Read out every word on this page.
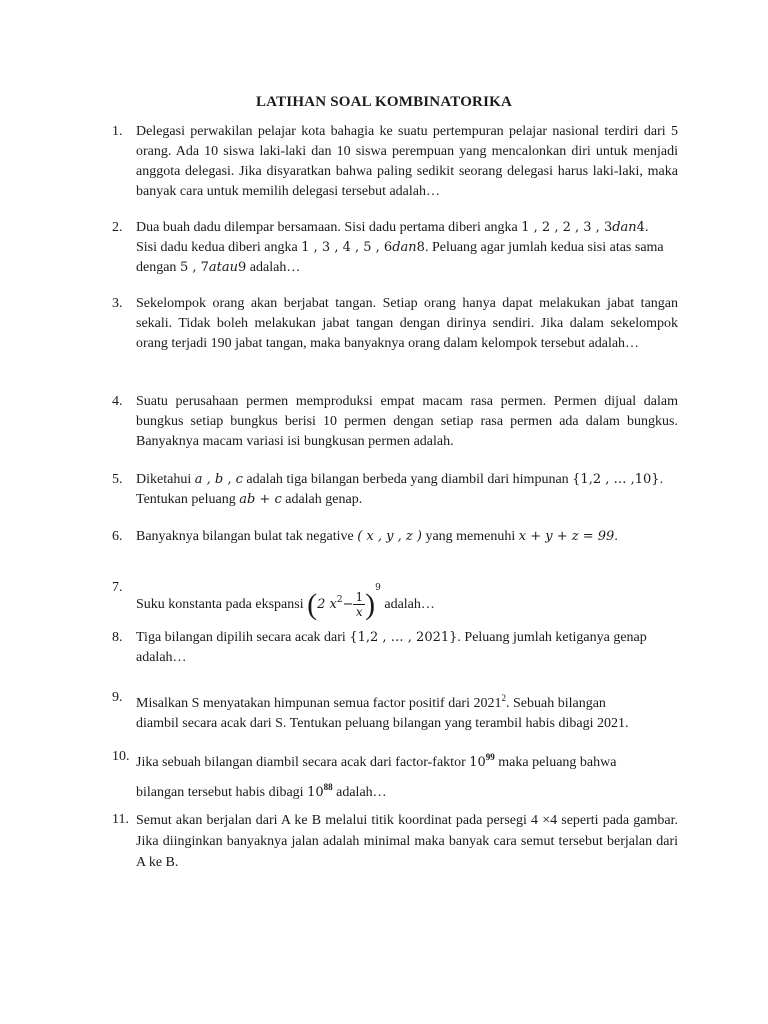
LATIHAN SOAL KOMBINATORIKA
1. Delegasi perwakilan pelajar kota bahagia ke suatu pertempuran pelajar nasional terdiri dari 5 orang. Ada 10 siswa laki-laki dan 10 siswa perempuan yang mencalonkan diri untuk menjadi anggota delegasi. Jika disyaratkan bahwa paling sedikit seorang delegasi harus laki-laki, maka banyak cara untuk memilih delegasi tersebut adalah…
2. Dua buah dadu dilempar bersamaan. Sisi dadu pertama diberi angka 1 , 2 , 2 , 3 , 3dan4.
Sisi dadu kedua diberi angka 1 , 3 , 4 , 5 , 6dan8. Peluang agar jumlah kedua sisi atas sama
dengan 5 , 7atau9 adalah…
3. Sekelompok orang akan berjabat tangan. Setiap orang hanya dapat melakukan jabat tangan sekali. Tidak boleh melakukan jabat tangan dengan dirinya sendiri. Jika dalam sekelompok orang terjadi 190 jabat tangan, maka banyaknya orang dalam kelompok tersebut adalah…
4. Suatu perusahaan permen memproduksi empat macam rasa permen. Permen dijual dalam bungkus setiap bungkus berisi 10 permen dengan setiap rasa permen ada dalam bungkus. Banyaknya macam variasi isi bungkusan permen adalah.
5. Diketahui a , b , c adalah tiga bilangan berbeda yang diambil dari himpunan {1,2 , … ,10}.
Tentukan peluang ab + c adalah genap.
6. Banyaknya bilangan bulat tak negative ( x , y , z ) yang memenuhi x + y + z = 99.
7.
Suku konstanta pada ekspansi (2 $x^2- \frac{1}{x} )^9$ adalah…
8. Tiga bilangan dipilih secara acak dari {1,2 , … , 2021}. Peluang jumlah ketiganya genap
adalah…
9. Misalkan S menyatakan himpunan semua factor positif dari 2021$^2$. Sebuah bilangan
diambil secara acak dari S. Tentukan peluang bilangan yang terambil habis dibagi 2021.
10. Jika sebuah bilangan diambil secara acak dari factor-faktor $10^{99}$ maka peluang bahwa
bilangan tersebut habis dibagi $10^{88}$ adalah…
11. Semut akan berjalan dari A ke B melalui titik koordinat pada persegi 4 ×4 seperti pada gambar. Jika diinginkan banyaknya jalan adalah minimal maka banyak cara semut tersebut berjalan dari A ke B.
